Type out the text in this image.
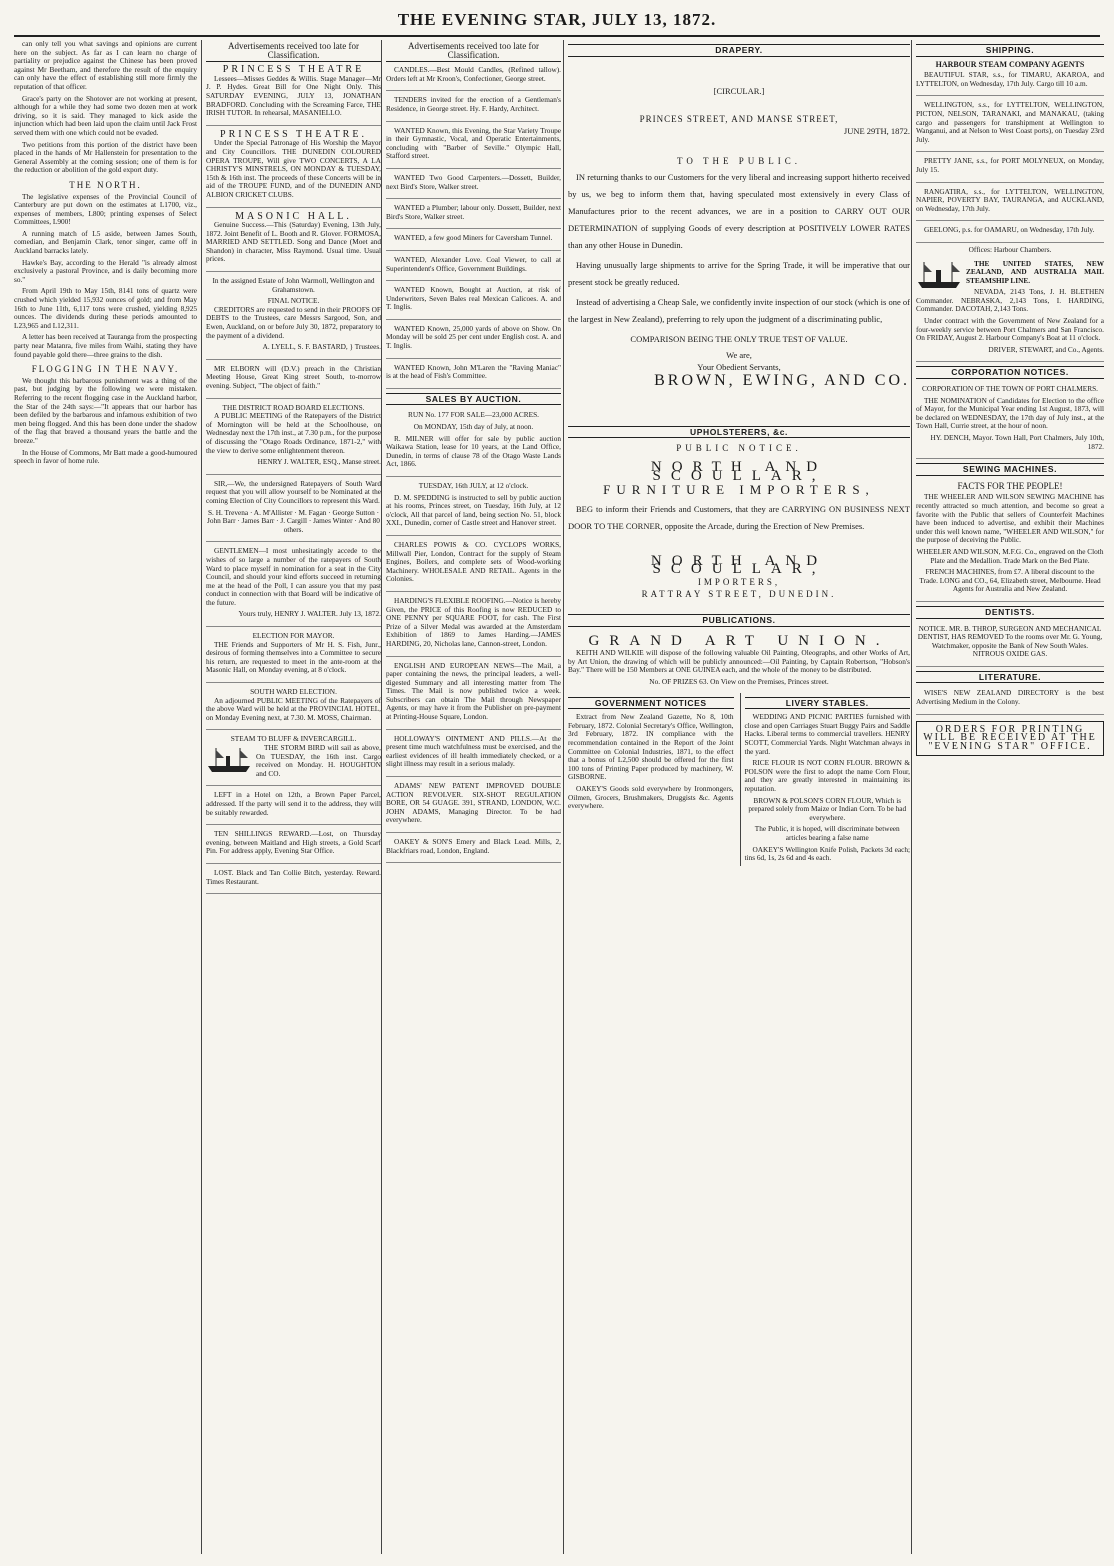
THE EVENING STAR, JULY 13, 1872.

can only tell you what savings and opinions are current here on the subject. As far as I can learn no charge of partiality or prejudice against the Chinese has been proved against Mr Beetham, and therefore the result of the enquiry can only have the effect of establishing still more firmly the reputation of that officer.

Grace's party on the Shotover are not working at present, although for a while they had some two dozen men at work driving, so it is said. They managed to kick aside the injunction which had been laid upon the claim until Jack Frost served them with one which could not be evaded.

Two petitions from this portion of the district have been placed in the hands of Mr Hallenstein for presentation to the General Assembly at the coming session; one of them is for the reduction or abolition of the gold export duty.

THE NORTH.

The legislative expenses of the Provincial Council of Canterbury are put down on the estimates at L1700, viz., expenses of members, L800; printing expenses of Select Committees, L900!

A running match of L5 aside, between James South, comedian, and Benjamin Clark, tenor singer, came off in Auckland barracks lately.

Hawke's Bay, according to the Herald "is already almost exclusively a pastoral Province, and is daily becoming more so."

From April 19th to May 15th, 8141 tons of quartz were crushed which yielded 15,932 ounces of gold; and from May 16th to June 11th, 6,117 tons were crushed, yielding 8,925 ounces. The dividends during these periods amounted to L23,965 and L12,311.

A letter has been received at Tauranga from the prospecting party near Matanra, five miles from Waihi, stating they have found payable gold there—three grains to the dish.

FLOGGING IN THE NAVY.

We thought this barbarous punishment was a thing of the past, but judging by the following we were mistaken. Referring to the recent flogging case in the Auckland harbor, the Star of the 24th says:—"It appears that our harbor has been defiled by the barbarous and infamous exhibition of two men being flogged. And this has been done under the shadow of the flag that braved a thousand years the battle and the breeze."

In the House of Commons, Mr Batt made a good-humoured speech in favor of home rule.

Advertisements received too late for Classification.
PRINCESS THEATRE

Lessees—Misses Geddes & Willis. Stage Manager—Mr J. P. Hydes. Great Bill for One Night Only. This SATURDAY EVENING, JULY 13, JONATHAN BRADFORD. Concluding with the Screaming Farce, THE IRISH TUTOR. In rehearsal, MASANIELLO.

PRINCESS THEATRE.

Under the Special Patronage of His Worship the Mayor and City Councillors. THE DUNEDIN COLOURED OPERA TROUPE, Will give TWO CONCERTS, A LA CHRISTY'S MINSTRELS, ON MONDAY & TUESDAY, 15th & 16th inst. The proceeds of these Concerts will be in aid of the TROUPE FUND, and of the DUNEDIN AND ALBION CRICKET CLUBS.

MASONIC HALL.

Genuine Success.—This (Saturday) Evening, 13th July, 1872. Joint Benefit of L. Booth and R. Glover. FORMOSA, MARRIED AND SETTLED. Song and Dance (Moet and Shandon) in character, Miss Raymond. Usual time. Usual prices.

In the assigned Estate of John Warmoll, Wellington and Grahamstown.

FINAL NOTICE.

CREDITORS are requested to send in their PROOFS OF DEBTS to the Trustees, care Messrs Sargood, Son, and Ewen, Auckland, on or before July 30, 1872, preparatory to the payment of a dividend.

A. LYELL, S. F. BASTARD, } Trustees.

MR ELBORN will (D.V.) preach in the Christian Meeting House, Great King street South, to-morrow evening. Subject, "The object of faith."

THE DISTRICT ROAD BOARD ELECTIONS.

A PUBLIC MEETING of the Ratepayers of the District of Mornington will be held at the Schoolhouse, on Wednesday next the 17th inst., at 7.30 p.m., for the purpose of discussing the "Otago Roads Ordinance, 1871-2," with the view to derive some enlightenment thereon.

HENRY J. WALTER, ESQ., Manse street.

SIR,—We, the undersigned Ratepayers of South Ward request that you will allow yourself to be Nominated at the coming Election of City Councillors to represent this Ward.

S. H. Trevena · A. M'Allister · M. Fagan · George Sutton · John Barr · James Barr · J. Cargill · James Winter · And 80 others.

GENTLEMEN—I most unhesitatingly accede to the wishes of so large a number of the ratepayers of South Ward to place myself in nomination for a seat in the City Council, and should your kind efforts succeed in returning me at the head of the Poll, I can assure you that my past conduct in connection with that Board will be indicative of the future.

Yours truly, HENRY J. WALTER. July 13, 1872.

ELECTION FOR MAYOR.

THE Friends and Supporters of Mr H. S. Fish, Junr., desirous of forming themselves into a Committee to secure his return, are requested to meet in the ante-room at the Masonic Hall, on Monday evening, at 8 o'clock.

SOUTH WARD ELECTION.

An adjourned PUBLIC MEETING of the Ratepayers of the above Ward will be held at the PROVINCIAL HOTEL, on Monday Evening next, at 7.30. M. MOSS, Chairman.

STEAM TO BLUFF & INVERCARGILL.

THE STORM BIRD will sail as above, On TUESDAY, the 16th inst. Cargo received on Monday. H. HOUGHTON and CO.

LEFT in a Hotel on 12th, a Brown Paper Parcel, addressed. If the party will send it to the address, they will be suitably rewarded.

TEN SHILLINGS REWARD.—Lost, on Thursday evening, between Maitland and High streets, a Gold Scarf Pin. For address apply, Evening Star Office.

LOST. Black and Tan Collie Bitch, yesterday. Reward. Times Restaurant.

Advertisements received too late for Classification.

CANDLES.—Best Mould Candles, (Refined tallow). Orders left at Mr Kroon's, Confectioner, George street.

TENDERS invited for the erection of a Gentleman's Residence, in George street. Hy. F. Hardy, Architect.

WANTED Known, this Evening, the Star Variety Troupe in their Gymnastic, Vocal, and Operatic Entertainments, concluding with "Barber of Seville." Olympic Hall, Stafford street.

WANTED Two Good Carpenters.—Dossett, Builder, next Bird's Store, Walker street.

WANTED a Plumber; labour only. Dossett, Builder, next Bird's Store, Walker street.

WANTED, a few good Miners for Caversham Tunnel.

WANTED, Alexander Love. Coal Viewer, to call at Superintendent's Office, Government Buildings.

WANTED Known, Bought at Auction, at risk of Underwriters, Seven Bales real Mexican Calicoes. A. and T. Inglis.

WANTED Known, 25,000 yards of above on Show. On Monday will be sold 25 per cent under English cost. A. and T. Inglis.

WANTED Known, John M'Laren the "Raving Maniac" is at the head of Fish's Committee.

SALES BY AUCTION.

RUN No. 177 FOR SALE—23,000 ACRES.

On MONDAY, 15th day of July, at noon.

R. MILNER will offer for sale by public auction Waikawa Station, lease for 10 years, at the Land Office, Dunedin, in terms of clause 78 of the Otago Waste Lands Act, 1866.

TUESDAY, 16th JULY, at 12 o'clock.

D. M. SPEDDING is instructed to sell by public auction at his rooms, Princes street, on Tuesday, 16th July, at 12 o'clock, All that parcel of land, being section No. 51, block XXI., Dunedin, corner of Castle street and Hanover street.

CHARLES POWIS & CO. CYCLOPS WORKS, Millwall Pier, London, Contract for the supply of Steam Engines, Boilers, and complete sets of Wood-working Machinery. WHOLESALE AND RETAIL. Agents in the Colonies.

HARDING'S FLEXIBLE ROOFING.—Notice is hereby Given, the PRICE of this Roofing is now REDUCED to ONE PENNY per SQUARE FOOT, for cash. The First Prize of a Silver Medal was awarded at the Amsterdam Exhibition of 1869 to James Harding.—JAMES HARDING, 20, Nicholas lane, Cannon-street, London.

ENGLISH AND EUROPEAN NEWS—The Mail, a paper containing the news, the principal leaders, a well-digested Summary and all interesting matter from The Times. The Mail is now published twice a week. Subscribers can obtain The Mail through Newspaper Agents, or may have it from the Publisher on pre-payment at Printing-House Square, London.

HOLLOWAY'S OINTMENT AND PILLS.—At the present time much watchfulness must be exercised, and the earliest evidences of ill health immediately checked, or a slight illness may result in a serious malady.

ADAMS' NEW PATENT IMPROVED DOUBLE ACTION REVOLVER. SIX-SHOT REGULATION BORE, OR 54 GUAGE. 391, STRAND, LONDON, W.C. JOHN ADAMS, Managing Director. To be had everywhere.

OAKEY & SON'S Emery and Black Lead. Mills, 2, Blackfriars road, London, England.

DRAPERY.

[CIRCULAR.]

PRINCES STREET, AND MANSE STREET,

JUNE 29TH, 1872.

TO THE PUBLIC.

IN returning thanks to our Customers for the very liberal and increasing support hitherto received by us, we beg to inform them that, having speculated most extensively in every Class of Manufactures prior to the recent advances, we are in a position to CARRY OUT OUR DETERMINATION of supplying Goods of every description at POSITIVELY LOWER RATES than any other House in Dunedin.

Having unusually large shipments to arrive for the Spring Trade, it will be imperative that our present stock be greatly reduced.

Instead of advertising a Cheap Sale, we confidently invite inspection of our stock (which is one of the largest in New Zealand), preferring to rely upon the judgment of a discriminating public,

COMPARISON BEING THE ONLY TRUE TEST OF VALUE.

We are,

Your Obedient Servants,

BROWN, EWING, AND CO.
UPHOLSTERERS, &c.
PUBLIC NOTICE.
NORTH AND SCOULLAR,
FURNITURE IMPORTERS,

BEG to inform their Friends and Customers, that they are CARRYING ON BUSINESS NEXT DOOR TO THE CORNER, opposite the Arcade, during the Erection of New Premises.

NORTH AND SCOULLAR,

IMPORTERS,

RATTRAY STREET, DUNEDIN.

PUBLICATIONS.
GRAND ART UNION.

KEITH AND WILKIE will dispose of the following valuable Oil Painting, Oleographs, and other Works of Art, by Art Union, the drawing of which will be publicly announced:—Oil Painting, by Captain Robertson, "Hobson's Bay." There will be 150 Members at ONE GUINEA each, and the whole of the money to be distributed.

No. OF PRIZES 63. On View on the Premises, Princes street.

GOVERNMENT NOTICES

Extract from New Zealand Gazette, No 8, 10th February, 1872. Colonial Secretary's Office, Wellington, 3rd February, 1872. IN compliance with the recommendation contained in the Report of the Joint Committee on Colonial Industries, 1871, to the effect that a bonus of L2,500 should be offered for the first 100 tons of Printing Paper produced by machinery, W. GISBORNE.

OAKEY'S Goods sold everywhere by Ironmongers, Oilmen, Grocers, Brushmakers, Druggists &c. Agents everywhere.

LIVERY STABLES.

WEDDING AND PICNIC PARTIES furnished with close and open Carriages Stuart Buggy Pairs and Saddle Hacks. Liberal terms to commercial travellers. HENRY SCOTT, Commercial Yards. Night Watchman always in the yard.

RICE FLOUR IS NOT CORN FLOUR. BROWN & POLSON were the first to adopt the name Corn Flour, and they are greatly interested in maintaining its reputation.

BROWN & POLSON'S CORN FLOUR, Which is prepared solely from Maize or Indian Corn. To be had everywhere.

The Public, it is hoped, will discriminate between articles bearing a false name

OAKEY'S Wellington Knife Polish, Packets 3d each; tins 6d, 1s, 2s 6d and 4s each.

SHIPPING.
HARBOUR STEAM COMPANY AGENTS

BEAUTIFUL STAR, s.s., for TIMARU, AKAROA, and LYTTELTON, on Wednesday, 17th July. Cargo till 10 a.m.

WELLINGTON, s.s., for LYTTELTON, WELLINGTON, PICTON, NELSON, TARANAKI, and MANAKAU, (taking cargo and passengers for transhipment at Wellington to Wanganui, and at Nelson to West Coast ports), on Tuesday 23rd July.

PRETTY JANE, s.s., for PORT MOLYNEUX, on Monday, July 15.

RANGATIRA, s.s., for LYTTELTON, WELLINGTON, NAPIER, POVERTY BAY, TAURANGA, and AUCKLAND, on Wednesday, 17th July.

GEELONG, p.s. for OAMARU, on Wednesday, 17th July.

Offices: Harbour Chambers.

THE UNITED STATES, NEW ZEALAND, AND AUSTRALIA MAIL STEAMSHIP LINE.

NEVADA, 2143 Tons, J. H. BLETHEN Commander. NEBRASKA, 2,143 Tons, I. HARDING, Commander. DACOTAH, 2,143 Tons.

Under contract with the Government of New Zealand for a four-weekly service between Port Chalmers and San Francisco. On FRIDAY, August 2. Harbour Company's Boat at 11 o'clock.

DRIVER, STEWART, and Co., Agents.

CORPORATION NOTICES.

CORPORATION OF THE TOWN OF PORT CHALMERS.

THE NOMINATION of Candidates for Election to the office of Mayor, for the Municipal Year ending 1st August, 1873, will be declared on WEDNESDAY, the 17th day of July inst., at the Town Hall, Currie street, at the hour of noon.

HY. DENCH, Mayor. Town Hall, Port Chalmers, July 10th, 1872.

SEWING MACHINES.

FACTS FOR THE PEOPLE!

THE WHEELER AND WILSON SEWING MACHINE has recently attracted so much attention, and become so great a favorite with the Public that sellers of Counterfeit Machines have been induced to advertise, and exhibit their Machines under this well known name, "WHEELER AND WILSON," for the purpose of deceiving the Public.

WHEELER AND WILSON, M.F.G. Co., engraved on the Cloth Plate and the Medallion. Trade Mark on the Bed Plate.

FRENCH MACHINES, from £7. A liberal discount to the Trade. LONG and CO., 64, Elizabeth street, Melbourne. Head Agents for Australia and New Zealand.

DENTISTS.

NOTICE. MR. B. THROP, SURGEON AND MECHANICAL DENTIST, HAS REMOVED To the rooms over Mr. G. Young, Watchmaker, opposite the Bank of New South Wales. NITROUS OXIDE GAS.

LITERATURE.

WISE'S NEW ZEALAND DIRECTORY is the best Advertising Medium in the Colony.

ORDERS FOR PRINTING WILL BE RECEIVED AT THE "EVENING STAR" OFFICE.
